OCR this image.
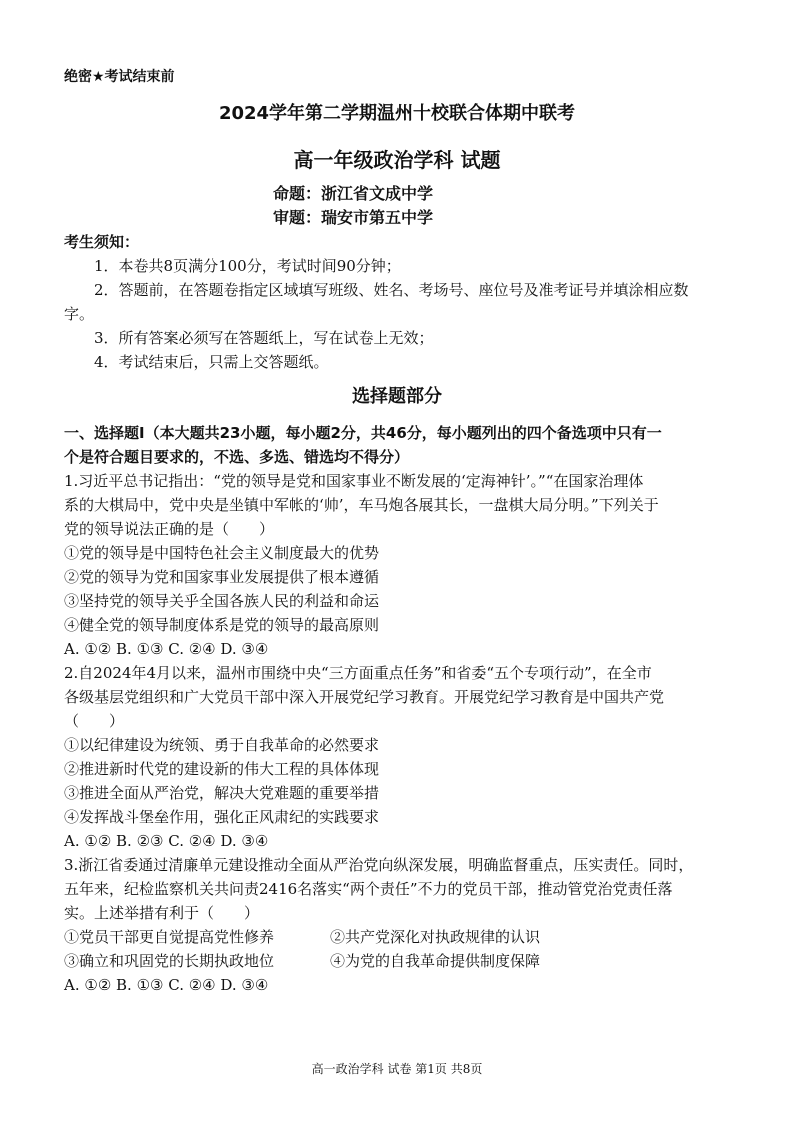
绝密★考试结束前
2024学年第二学期温州十校联合体期中联考
高一年级政治学科 试题
命题：浙江省文成中学
审题：瑞安市第五中学
考生须知：
1．本卷共8页满分100分，考试时间90分钟；
2．答题前，在答题卷指定区域填写班级、姓名、考场号、座位号及准考证号并填涂相应数
字。
3．所有答案必须写在答题纸上，写在试卷上无效；
4．考试结束后，只需上交答题纸。
选择题部分
一、选择题Ⅰ（本大题共23小题，每小题2分，共46分，每小题列出的四个备选项中只有一
个是符合题目要求的，不选、多选、错选均不得分）
1.习近平总书记指出：“党的领导是党和国家事业不断发展的‘定海神针’。”“在国家治理体
系的大棋局中，党中央是坐镇中军帐的‘帅’，车马炮各展其长，一盘棋大局分明。”下列关于
党的领导说法正确的是（　　）
①党的领导是中国特色社会主义制度最大的优势
②党的领导为党和国家事业发展提供了根本遵循
③坚持党的领导关乎全国各族人民的利益和命运
④健全党的领导制度体系是党的领导的最高原则
A. ①② B. ①③ C. ②④ D. ③④
2.自2024年4月以来，温州市围绕中央“三方面重点任务”和省委“五个专项行动”，在全市
各级基层党组织和广大党员干部中深入开展党纪学习教育。开展党纪学习教育是中国共产党
（　　）
①以纪律建设为统领、勇于自我革命的必然要求
②推进新时代党的建设新的伟大工程的具体体现
③推进全面从严治党，解决大党难题的重要举措
④发挥战斗堡垒作用，强化正风肃纪的实践要求
A. ①② B. ②③ C. ②④ D. ③④
3.浙江省委通过清廉单元建设推动全面从严治党向纵深发展，明确监督重点，压实责任。同时，
五年来，纪检监察机关共问责2416名落实“两个责任”不力的党员干部，推动管党治党责任落
实。上述举措有利于（　　）
①党员干部更自觉提高党性修养	②共产党深化对执政规律的认识
③确立和巩固党的长期执政地位	④为党的自我革命提供制度保障
A. ①② B. ①③ C. ②④ D. ③④
高一政治学科 试卷 第1页 共8页
